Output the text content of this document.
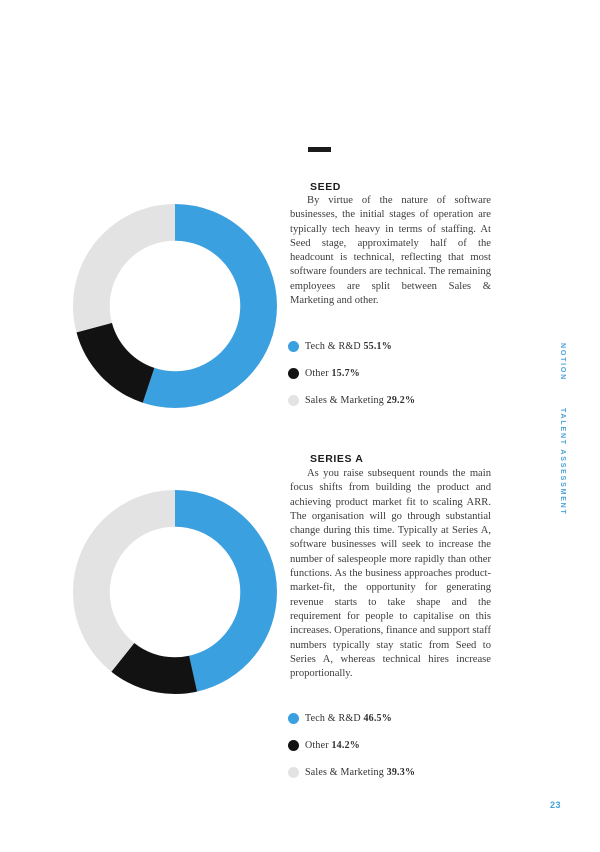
SEED

By virtue of the nature of software businesses, the initial stages of operation are typically tech heavy in terms of staffing. At Seed stage, approximately half of the headcount is technical, reflecting that most software founders are technical. The remaining employees are split between Sales & Marketing and other.

Tech & R&D 55.1%
Other 15.7%
Sales & Marketing 29.2%
SERIES A

As you raise subsequent rounds the main focus shifts from building the product and achieving product market fit to scaling ARR. The organisation will go through substantial change during this time. Typically at Series A, software businesses will seek to increase the number of salespeople more rapidly than other functions. As the business approaches product-market-fit, the opportunity for generating revenue starts to take shape and the requirement for people to capitalise on this increases. Operations, finance and support staff numbers typically stay static from Seed to Series A, whereas technical hires increase proportionally.

Tech & R&D 46.5%
Other 14.2%
Sales & Marketing 39.3%
NOTION
TALENT ASSESSMENT
23
